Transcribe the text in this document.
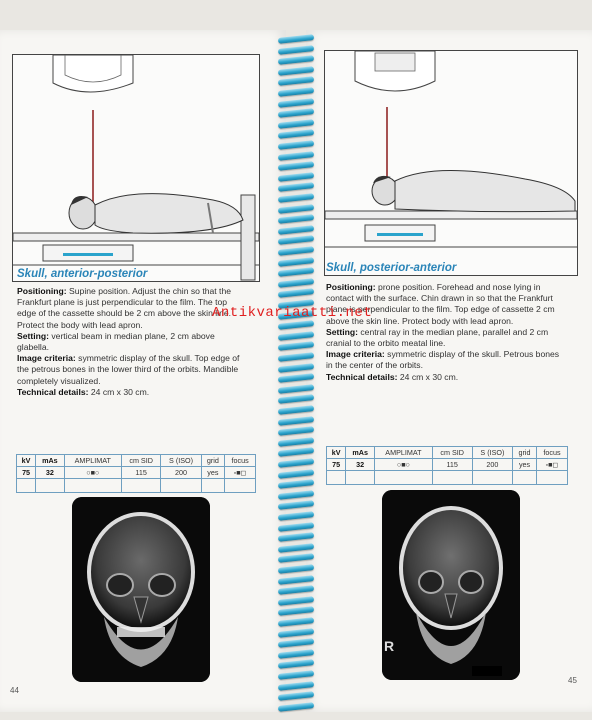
Skull, anterior-posterior

Positioning: Supine position. Adjust the chin so that the Frankfurt plane is just perpendicular to the film. The top edge of the cassette should be 2 cm above the skin line. Protect the body with lead apron.

Setting: vertical beam in median plane, 2 cm above glabella.

Image criteria: symmetric display of the skull. Top edge of the petrous bones in the lower third of the orbits. Mandible completely visualized.

Technical details: 24 cm x 30 cm.

kV	mAs	AMPLIMAT	cm SID	S (ISO)	grid	focus
75	32	○■○	115	200	yes	▫■◻

44
Skull, posterior-anterior

Positioning: prone position. Forehead and nose lying in contact with the surface. Chin drawn in so that the Frankfurt plane is perpendicular to the film. Top edge of cassette 2 cm above the skin line. Protect body with lead apron.

Setting: central ray in the median plane, parallel and 2 cm cranial to the orbito meatal line.

Image criteria: symmetric display of the skull. Petrous bones in the center of the orbits.

Technical details: 24 cm x 30 cm.

kV	mAs	AMPLIMAT	cm SID	S (ISO)	grid	focus
75	32	○■○	115	200	yes	▫■◻

R
45
Antikvariaatti.net
